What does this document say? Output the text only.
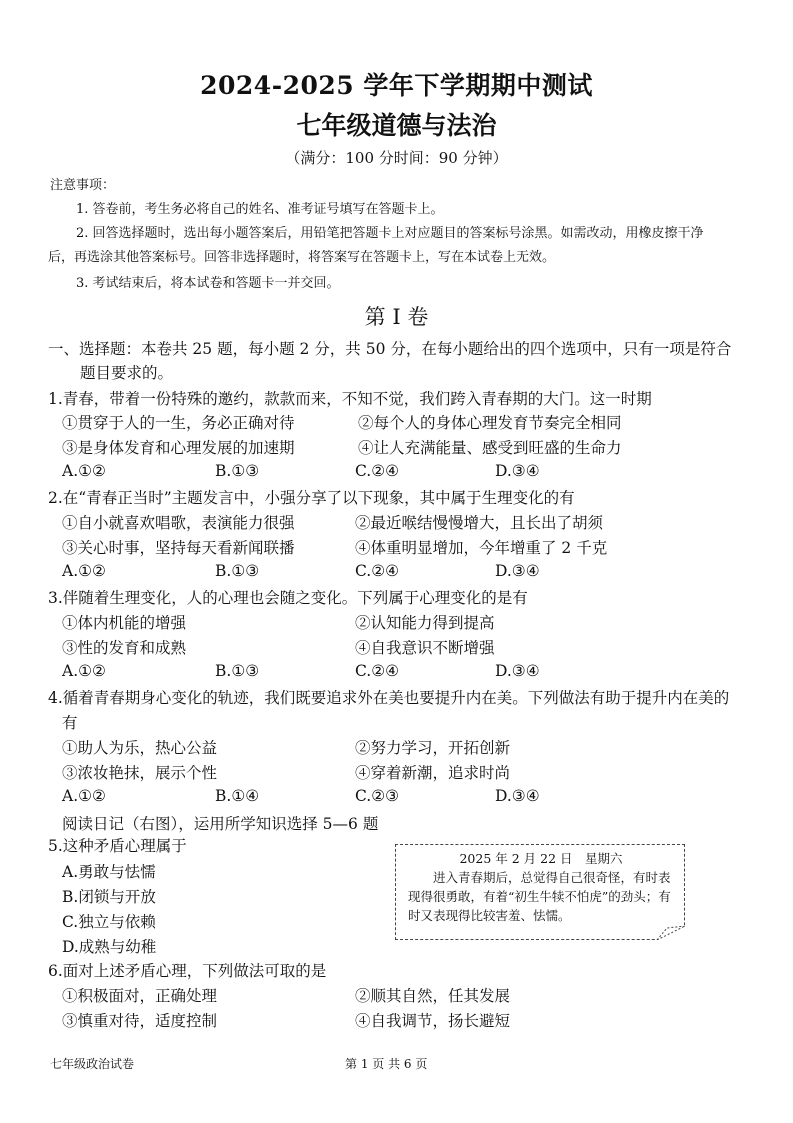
2024-2025 学年下学期期中测试
七年级道德与法治
（满分：100 分时间：90 分钟）
注意事项：
1. 答卷前，考生务必将自己的姓名、准考证号填写在答题卡上。
2. 回答选择题时，选出每小题答案后，用铅笔把答题卡上对应题目的答案标号涂黑。如需改动，用橡皮擦干净
后，再选涂其他答案标号。回答非选择题时，将答案写在答题卡上，写在本试卷上无效。
3. 考试结束后，将本试卷和答题卡一并交回。
第 I 卷
一、选择题：本卷共 25 题，每小题 2 分，共 50 分，在每小题给出的四个选项中，只有一项是符合
题目要求的。
1.青春，带着一份特殊的邀约，款款而来，不知不觉，我们跨入青春期的大门。这一时期
①贯穿于人的一生，务必正确对待	②每个人的身体心理发育节奏完全相同
③是身体发育和心理发展的加速期	④让人充满能量、感受到旺盛的生命力
A.①②	B.①③	C.②④	D.③④
2.在“青春正当时”主题发言中，小强分享了以下现象，其中属于生理变化的有
①自小就喜欢唱歌，表演能力很强	②最近喉结慢慢增大，且长出了胡须
③关心时事，坚持每天看新闻联播	④体重明显增加，今年增重了 2 千克
A.①②	B.①③	C.②④	D.③④
3.伴随着生理变化，人的心理也会随之变化。下列属于心理变化的是有
①体内机能的增强	②认知能力得到提高
③性的发育和成熟	④自我意识不断增强
A.①②	B.①③	C.②④	D.③④
4.循着青春期身心变化的轨迹，我们既要追求外在美也要提升内在美。下列做法有助于提升内在美的
有
①助人为乐，热心公益	②努力学习，开拓创新
③浓妆艳抹，展示个性	④穿着新潮，追求时尚
A.①②	B.①④	C.②③	D.③④
阅读日记（右图），运用所学知识选择 5—6 题
5.这种矛盾心理属于
A.勇敢与怯懦
B.闭锁与开放
C.独立与依赖
D.成熟与幼稚
2025 年 2 月 22 日　星期六
进入青春期后，总觉得自己很奇怪，有时表现得很勇敢，有着“初生牛犊不怕虎”的劲头；有时又表现得比较害羞、怯懦。
6.面对上述矛盾心理，下列做法可取的是
①积极面对，正确处理	②顺其自然，任其发展
③慎重对待，适度控制	④自我调节，扬长避短
七年级政治试卷	第 1 页 共 6 页
